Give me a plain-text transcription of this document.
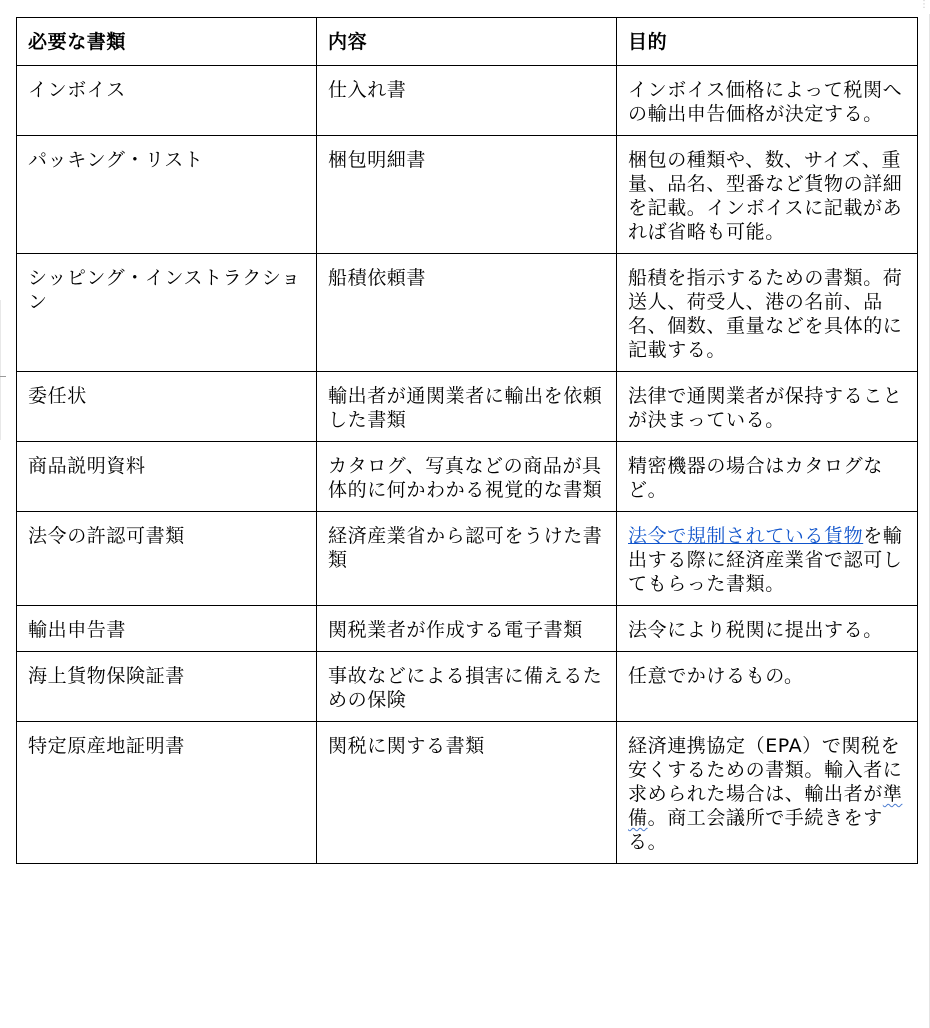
⋮
必要な書類	内容	目的
インボイス	仕入れ書	インボイス価格によって税関への輸出申告価格が決定する。
パッキング・リスト	梱包明細書	梱包の種類や、数、サイズ、重量、品名、型番など貨物の詳細を記載。インボイスに記載があれば省略も可能。
シッピング・インストラクション	船積依頼書	船積を指示するための書類。荷送人、荷受人、港の名前、品名、個数、重量などを具体的に記載する。
委任状	輸出者が通関業者に輸出を依頼した書類	法律で通関業者が保持することが決まっている。
商品説明資料	カタログ、写真などの商品が具体的に何かわかる視覚的な書類	精密機器の場合はカタログなど。
法令の許認可書類	経済産業省から認可をうけた書類	法令で規制されている貨物を輸出する際に経済産業省で認可してもらった書類。
輸出申告書	関税業者が作成する電子書類	法令により税関に提出する。
海上貨物保険証書	事故などによる損害に備えるための保険	任意でかけるもの。
特定原産地証明書	関税に関する書類	経済連携協定（EPA）で関税を安くするための書類。輸入者に求められた場合は、輸出者が準備。商工会議所で手続きをする。
